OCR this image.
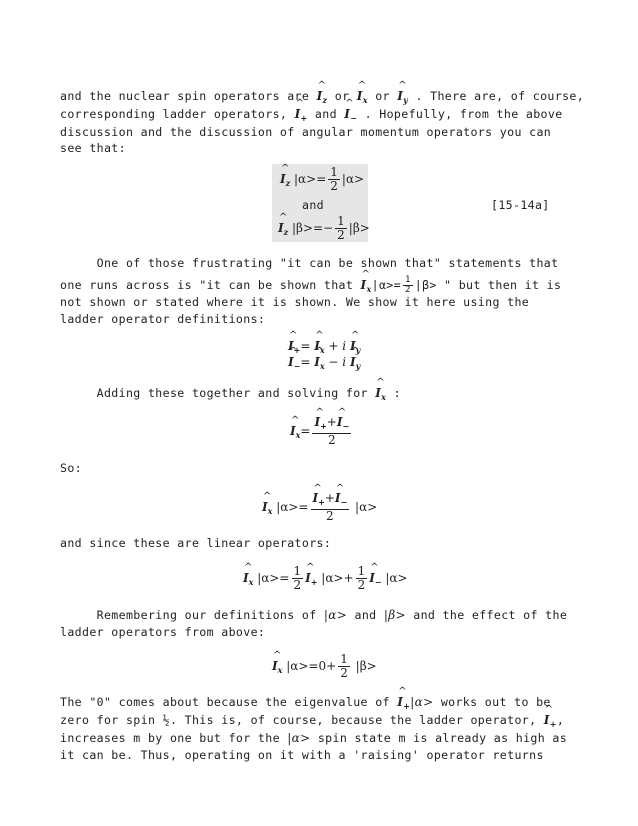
and the nuclear spin operators are ^ $I_z$ or ^ $I_x$ or ^ $I_y$ . There are, of course,
corresponding ladder operators, ^ $I_+$ and ^ $I_-$ . Hopefully, from the above
discussion and the discussion of angular momentum operators you can
see that:
^ $I_z$ $|\alpha>= \frac{1}{2} |\alpha>$
and	[15-14a]
^ $I_z$ $|\beta>=- \frac{1}{2} |\beta>$
One of those frustrating "it can be shown that" statements that
one runs across is "it can be shown that ^ $I_x|\alpha>= \frac{1}{2} |\beta>$ " but then it is
not shown or stated where it is shown. We show it here using the
ladder operator definitions:
^ $I_+=$ ^ $I_x + i$ ^ $I_y$
^ $I_-=$ ^ $I_x - i$ ^ $I_y$
Adding these together and solving for ^ $I_x$ :
^ $I_x=$ ^ $\frac{I_++\^{} I_-}{2}$
So:
^ $I_x$ |α>= ^ $\frac{I_++\^{} I_-}{2} |\alpha>$
and since these are linear operators:
^ $I_x$ $|\alpha>= \frac{1}{2}$ ^ $I_+$ $|\alpha>+ \frac{1}{2}$ ^ $I_-$ |α>
Remembering our definitions of |α> and |β> and the effect of the
ladder operators from above:
^ $I_x$ $|\alpha>=0+ \frac{1}{2} |\beta>$
The "0" comes about because the eigenvalue of ^ $I_+|\alpha>$ works out to be
zero for spin ½. This is, of course, because the ladder operator, ^ $I_+$,
increases m by one but for the |α> spin state m is already as high as
it can be. Thus, operating on it with a 'raising' operator returns
